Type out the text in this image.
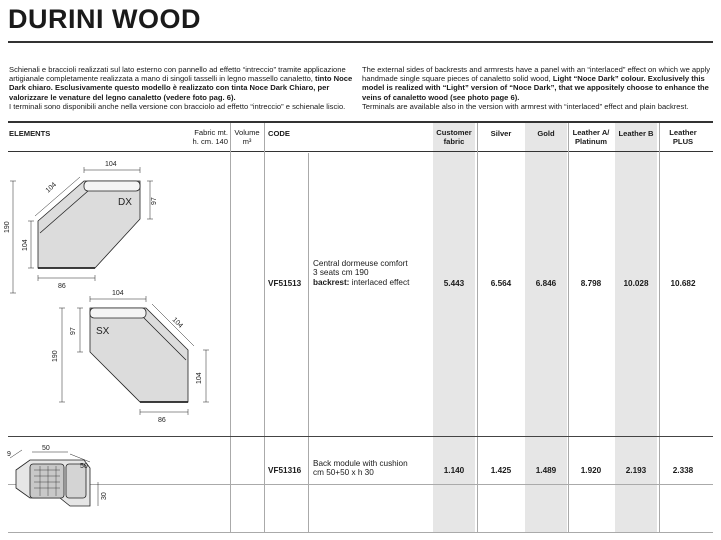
DURINI WOOD
Schienali e braccioli realizzati sul lato esterno con pannello ad effetto “intreccio” tramite applicazione artigianale completamente realizzata a mano di singoli tasselli in legno massello canaletto, tinto Noce Dark chiaro. Esclusivamente questo modello è realizzato con tinta Noce Dark Chiaro, per valorizzare le venature del legno canaletto (vedere foto pag. 6).
I terminali sono disponibili anche nella versione con bracciolo ad effetto “intreccio” e schienale liscio.
The external sides of backrests and armrests have a panel with an “interlaced” effect on which we apply handmade single square pieces of canaletto solid wood, Light “Noce Dark” colour. Exclusively this model is realized with “Light” version of “Noce Dark”, that we appositely choose to enhance the veins of canaletto wood (see photo page 6).
Terminals are available also in the version with armrest with “interlaced” effect and plain backrest.
ELEMENTS	Fabric mt.
h. cm. 140
Volume
m³
CODE	Customer
fabric
Silver	Gold	Leather A/
Platinum
Leather B	Leather
PLUS
Central dormeuse comfort
3 seats cm 190
backrest: interlaced effect
VF51513	5.443	6.564	6.846	8.798	10.028	10.682
Back module with cushion
cm 50+50 x h 30
VF51316	1.140	1.425	1.489	1.920	2.193	2.338
DX
104
104
97
190
104
86
SX
104
104
97
190
104
86
9
50
50
30
